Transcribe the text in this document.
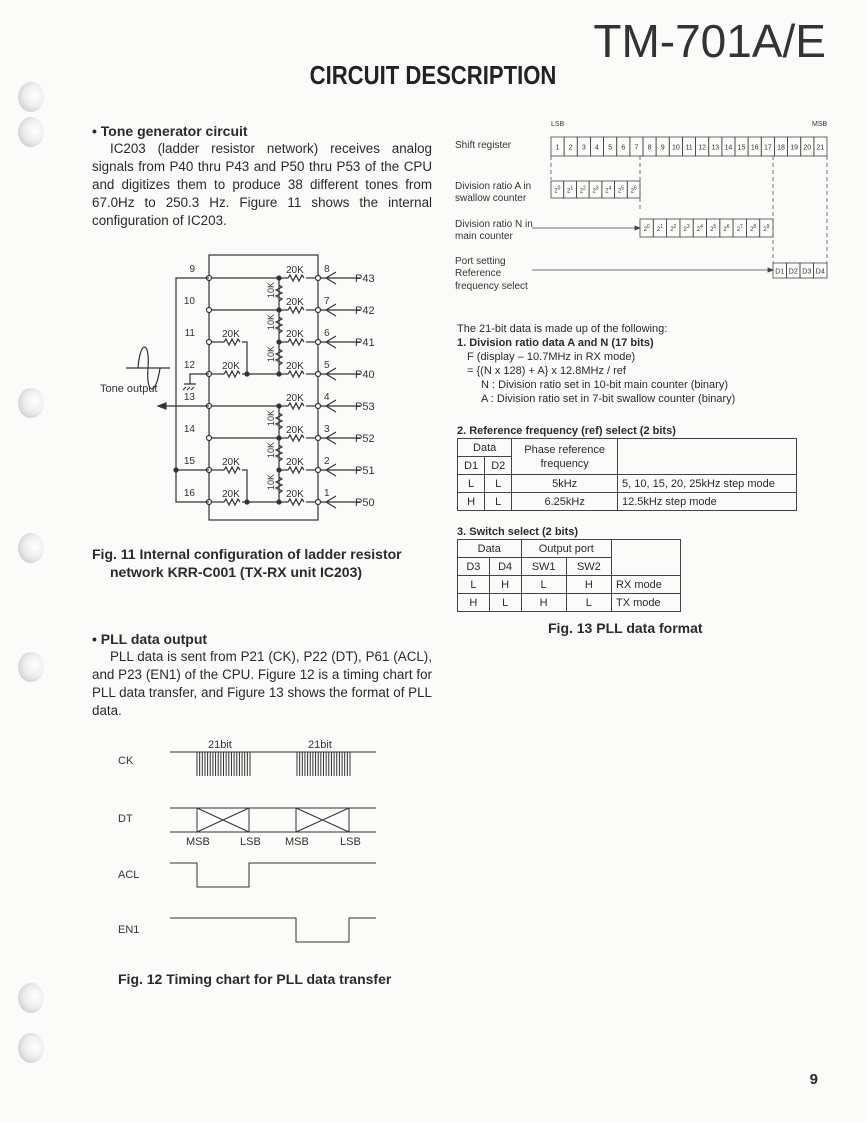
TM-701A/E
CIRCUIT DESCRIPTION
• Tone generator circuit

IC203 (ladder resistor network) receives analog signals from P40 thru P43 and P50 thru P53 of the CPU and digitizes them to produce 38 different tones from 67.0Hz to 250.3 Hz. Figure 11 shows the internal configuration of IC203.

10K
20K
9	8
P43
10K
20K
10	7
P42
10K
20K
20K
11	6
P41
20K
20K
12	5
P40
10K
20K
13	4
P53
10K
20K
14	3
P52
10K
20K
20K
15	2
P51
20K
20K
16	1
P50
Tone output
Fig. 11 Internal configuration of ladder resistor
network KRR-C001 (TX-RX unit IC203)
• PLL data output

PLL data is sent from P21 (CK), P22 (DT), P61 (ACL), and P23 (EN1) of the CPU. Figure 12 is a timing chart for PLL data transfer, and Figure 13 shows the format of PLL data.

CK
DT
ACL
EN1
21bit	21bit
MSB	LSB MSB	LSB
Fig. 12 Timing chart for PLL data transfer
LSB	MSB
Shift register
Division ratio A in
swallow counter
Division ratio N in
main counter
Port setting
Reference
frequency select
1 2 3 4 5 6 7 8 9 10 11 12 13 14 15 16 17 18 19 20 21
$2^0$ $2^1$ $2^2$ $2^3$ $2^4$ $2^5$ $2^6$
$2^0$ $2^1$ $2^2$ $2^3$ $2^4$ $2^5$ $2^6$ $2^7$ $2^8$ $2^9$
D1 D2 D3 D4
The 21-bit data is made up of the following:
1. Division ratio data A and N (17 bits)
F (display – 10.7MHz in RX mode)
= {(N x 128) + A} x 12.8MHz / ref
N : Division ratio set in 10-bit main counter (binary)
A : Division ratio set in 7-bit swallow counter (binary)
2. Reference frequency (ref) select (2 bits)
Data		Phase reference
frequency	
D1	D2		
L	L	5kHz	5, 10, 15, 20, 25kHz step mode
H	L	6.25kHz	12.5kHz step mode
3. Switch select (2 bits)
Data		Output port		
D3	D4	SW1	SW2	
L	H	L	H	RX mode
H	L	H	L	TX mode
Fig. 13 PLL data format
9
